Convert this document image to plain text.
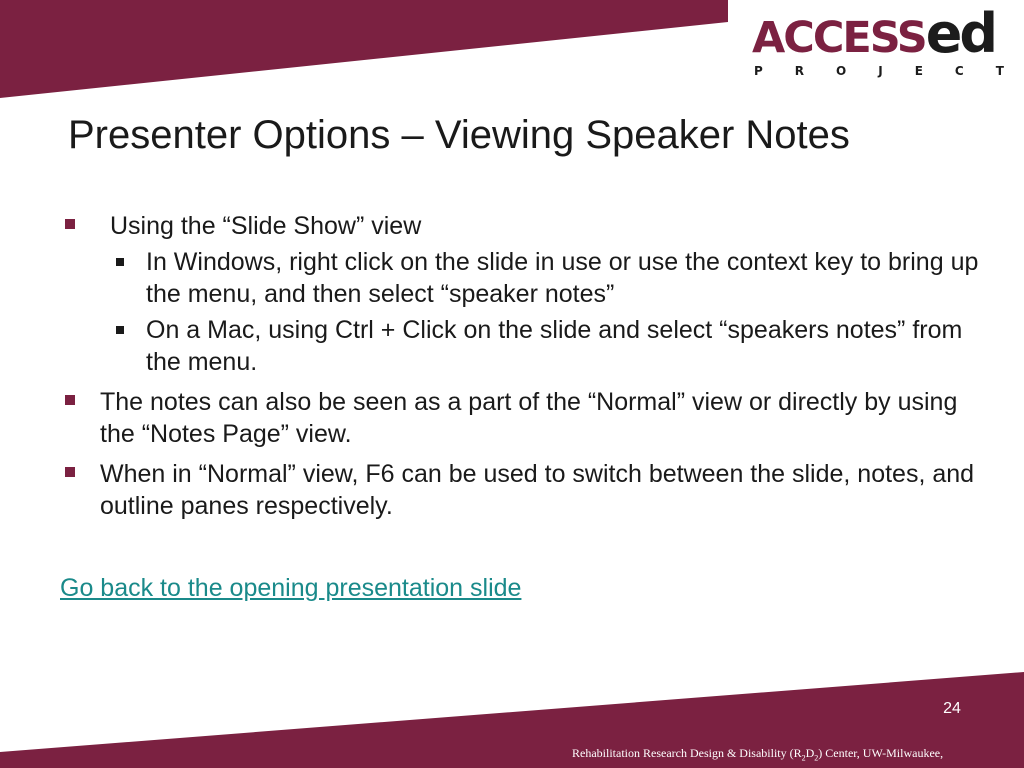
ACCESSed
P	R	O	J	E	C	T
Presenter Options – Viewing Speaker Notes
Using the “Slide Show” view
In Windows, right click on the slide in use or use the context key to bring up the menu, and then select “speaker notes”
On a Mac, using Ctrl + Click on the slide and select “speakers notes” from the menu.
The notes can also be seen as a part of the “Normal” view or directly by using the “Notes Page” view.
When in “Normal” view, F6 can be used to switch between the slide, notes, and outline panes respectively.
Go back to the opening presentation slide
24
Rehabilitation Research Design & Disability $(R_2D_2)$ Center, UW-Milwaukee,
